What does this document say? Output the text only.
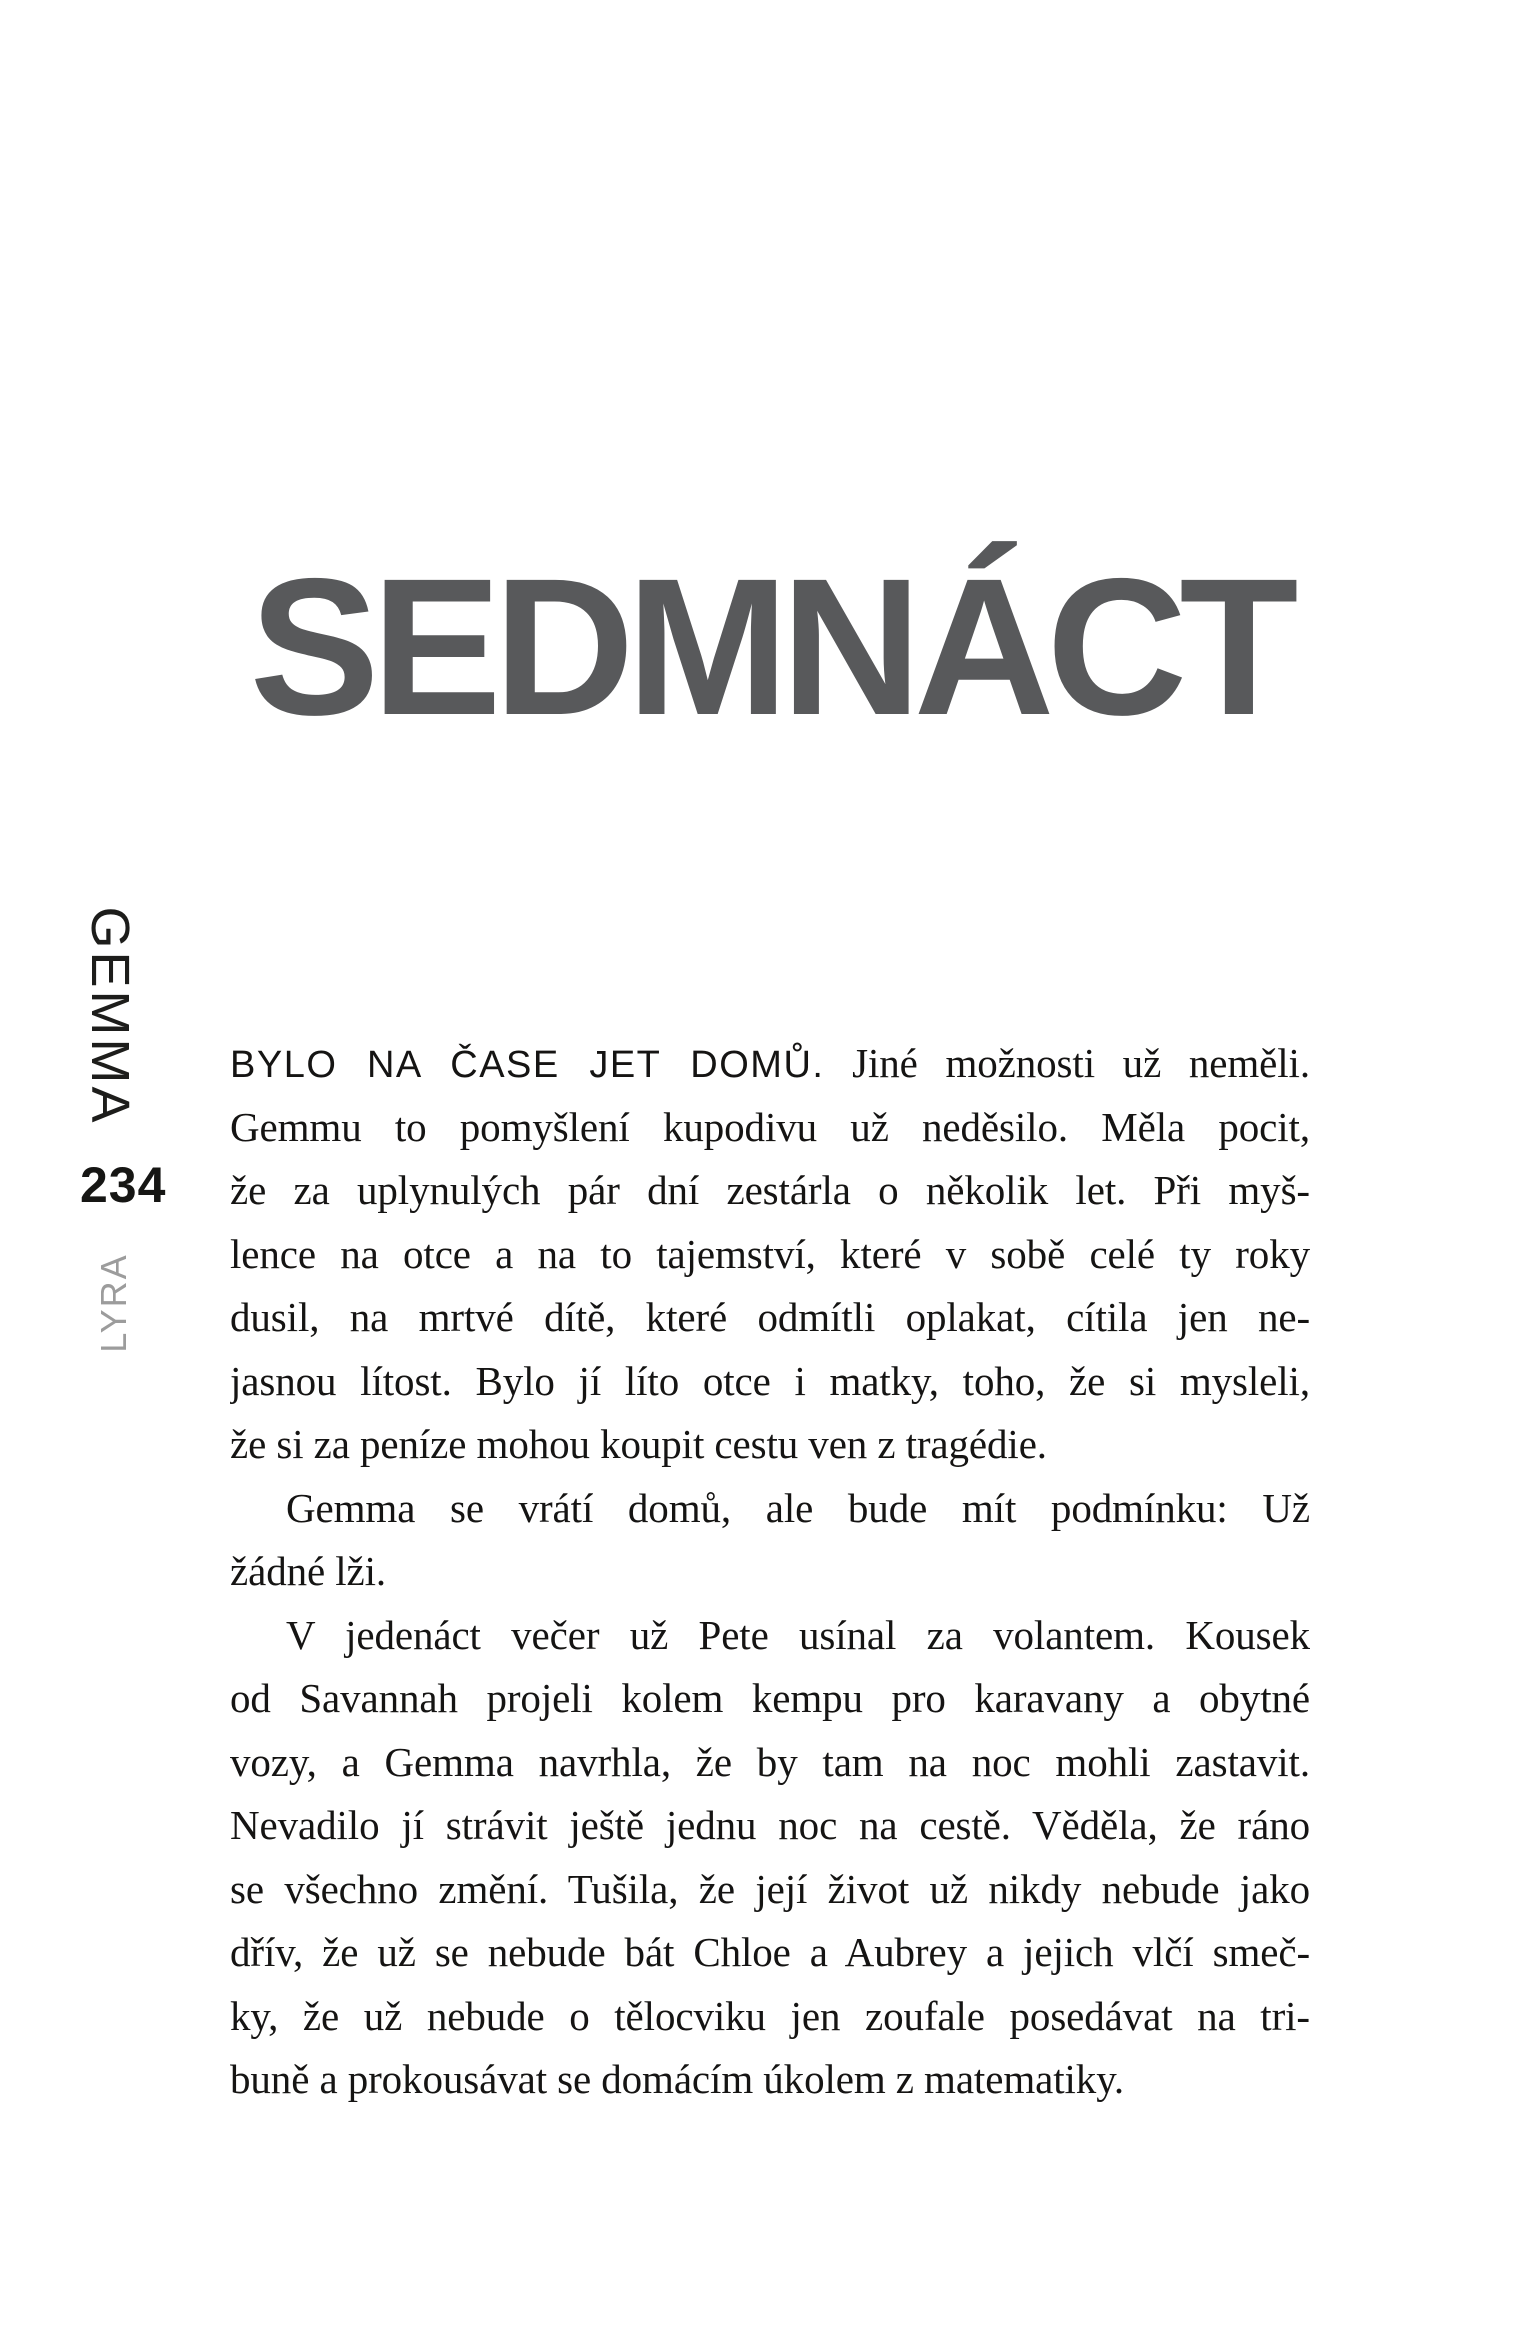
SEDMNÁCT
GEMMA
234
LYRA
BYLO NA ČASE JET DOMŮ. Jiné možnosti už neměli.
Gemmu to pomyšlení kupodivu už neděsilo. Měla pocit,
že za uplynulých pár dní zestárla o několik let. Při myš-
lence na otce a na to tajemství, které v sobě celé ty roky
dusil, na mrtvé dítě, které odmítli oplakat, cítila jen ne-
jasnou lítost. Bylo jí líto otce i matky, toho, že si mysleli,
že si za peníze mohou koupit cestu ven z tragédie.
Gemma se vrátí domů, ale bude mít podmínku: Už
žádné lži.
V jedenáct večer už Pete usínal za volantem. Kousek
od Savannah projeli kolem kempu pro karavany a obytné
vozy, a Gemma navrhla, že by tam na noc mohli zastavit.
Nevadilo jí strávit ještě jednu noc na cestě. Věděla, že ráno
se všechno změní. Tušila, že její život už nikdy nebude jako
dřív, že už se nebude bát Chloe a Aubrey a jejich vlčí smeč-
ky, že už nebude o tělocviku jen zoufale posedávat na tri-
buně a prokousávat se domácím úkolem z matematiky.
